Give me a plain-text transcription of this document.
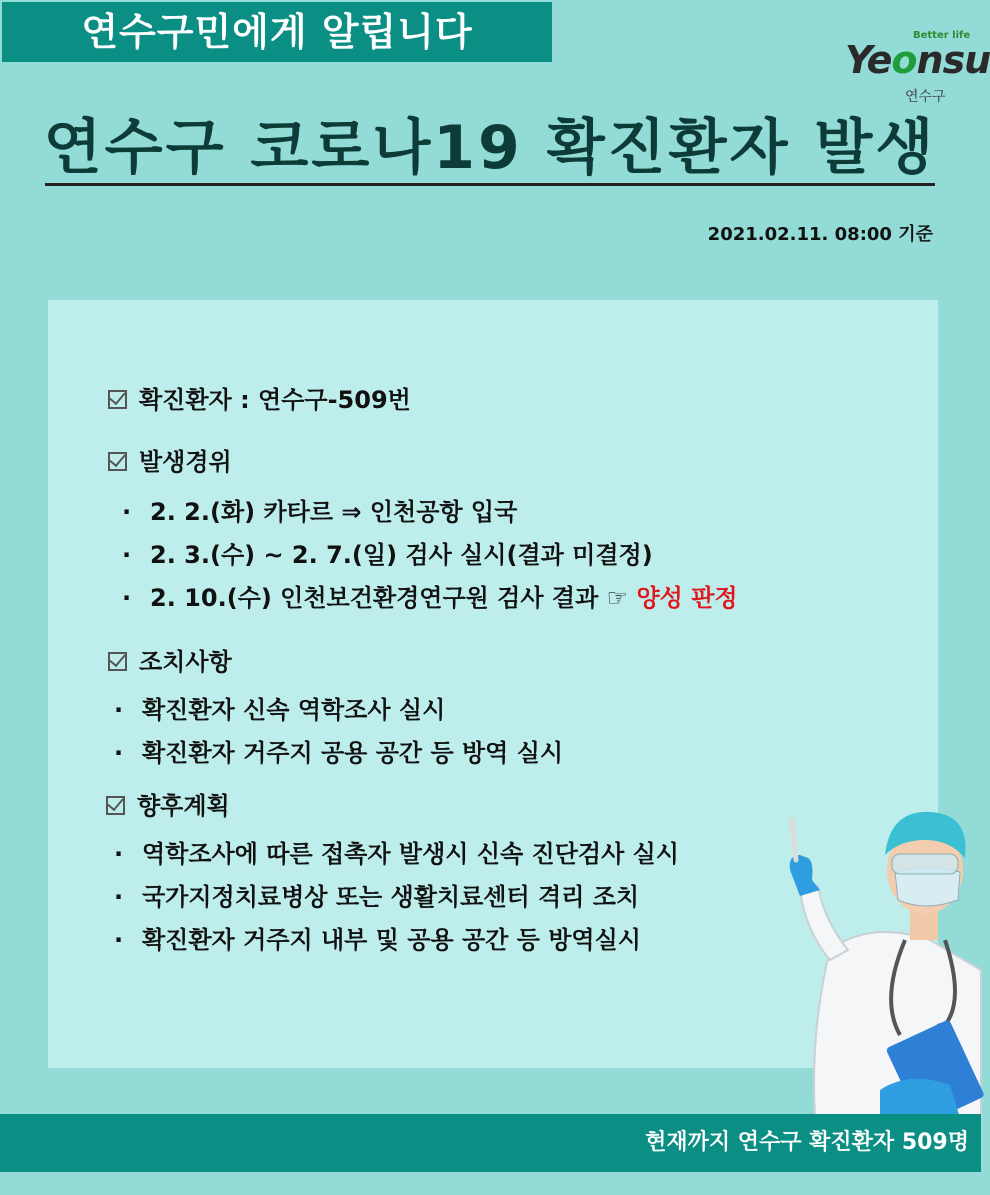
연수구민에게 알립니다	Better life
Yeonsu
연수구
연수구 코로나19 확진환자 발생
2021.02.11. 08:00 기준
확진환자 : 연수구-509번
발생경위
· 2. 2.(화) 카타르 ⇒ 인천공항 입국
· 2. 3.(수) ~ 2. 7.(일) 검사 실시(결과 미결정)
· 2. 10.(수) 인천보건환경연구원 검사 결과 ☞ 양성 판정
조치사항
· 확진환자 신속 역학조사 실시
· 확진환자 거주지 공용 공간 등 방역 실시
향후계획
· 역학조사에 따른 접촉자 발생시 신속 진단검사 실시
· 국가지정치료병상 또는 생활치료센터 격리 조치
· 확진환자 거주지 내부 및 공용 공간 등 방역실시
현재까지 연수구 확진환자 509명
